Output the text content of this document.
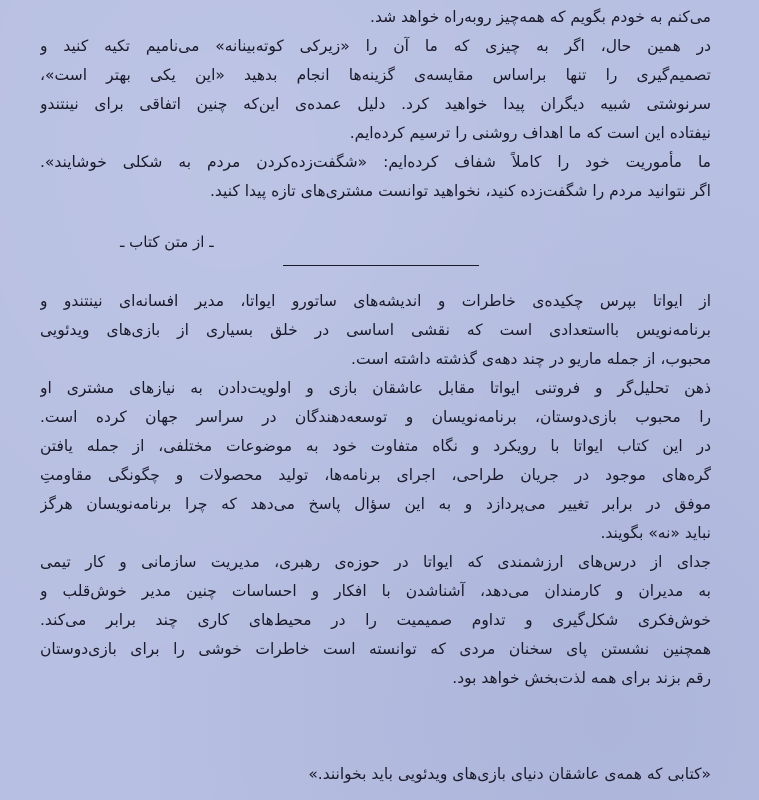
می‌کنم به خودم بگویم که همه‌چیز روبه‌راه خواهد شد.
در همین حال، اگر به چیزی که ما آن را «زیرکی کوته‌بینانه» می‌نامیم تکیه کنید و
تصمیم‌گیری را تنها براساس مقایسه‌ی گزینه‌ها انجام بدهید «این یکی بهتر است»،
سرنوشتی شبیه دیگران پیدا خواهید کرد. دلیل عمده‌ی این‌که چنین اتفاقی برای نینتندو
نیفتاده این است که ما اهداف روشنی را ترسیم کرده‌ایم.
ما مأموریت خود را کاملاً شفاف کرده‌ایم: «شگفت‌زده‌کردن مردم به شکلی خوشایند».
اگر نتوانید مردم را شگفت‌زده کنید، نخواهید توانست مشتری‌های تازه پیدا کنید.
ـ از متن کتاب ـ
از ایواتا بپرس چکیده‌ی خاطرات و اندیشه‌های ساتورو ایواتا، مدیر افسانه‌ای نینتندو و
برنامه‌نویس بااستعدادی است که نقشی اساسی در خلق بسیاری از بازی‌های ویدئویی
محبوب، از جمله ماریو در چند دهه‌ی گذشته داشته است.
ذهن تحلیل‌گر و فروتنی ایواتا مقابل عاشقان بازی و اولویت‌دادن به نیازهای مشتری او
را محبوب بازی‌دوستان، برنامه‌نویسان و توسعه‌دهندگان در سراسر جهان کرده است.
در این کتاب ایواتا با رویکرد و نگاه متفاوت خود به موضوعات مختلفی، از جمله یافتن
گره‌های موجود در جریان طراحی، اجرای برنامه‌ها، تولید محصولات و چگونگی مقاومتِ
موفق در برابر تغییر می‌پردازد و به این سؤال پاسخ می‌دهد که چرا برنامه‌نویسان هرگز
نباید «نه» بگویند.
جدای از درس‌های ارزشمندی که ایواتا در حوزه‌ی رهبری، مدیریت سازمانی و کار تیمی
به مدیران و کارمندان می‌دهد، آشناشدن با افکار و احساسات چنین مدیر خوش‌قلب و
خوش‌فکری شکل‌گیری و تداوم صمیمیت را در محیط‌های کاری چند برابر می‌کند.
همچنین نشستن پای سخنان مردی که توانسته است خاطرات خوشی را برای بازی‌دوستان
رقم بزند برای همه لذت‌بخش خواهد بود.
«کتابی که همه‌ی عاشقان دنیای بازی‌های ویدئویی باید بخوانند.»
